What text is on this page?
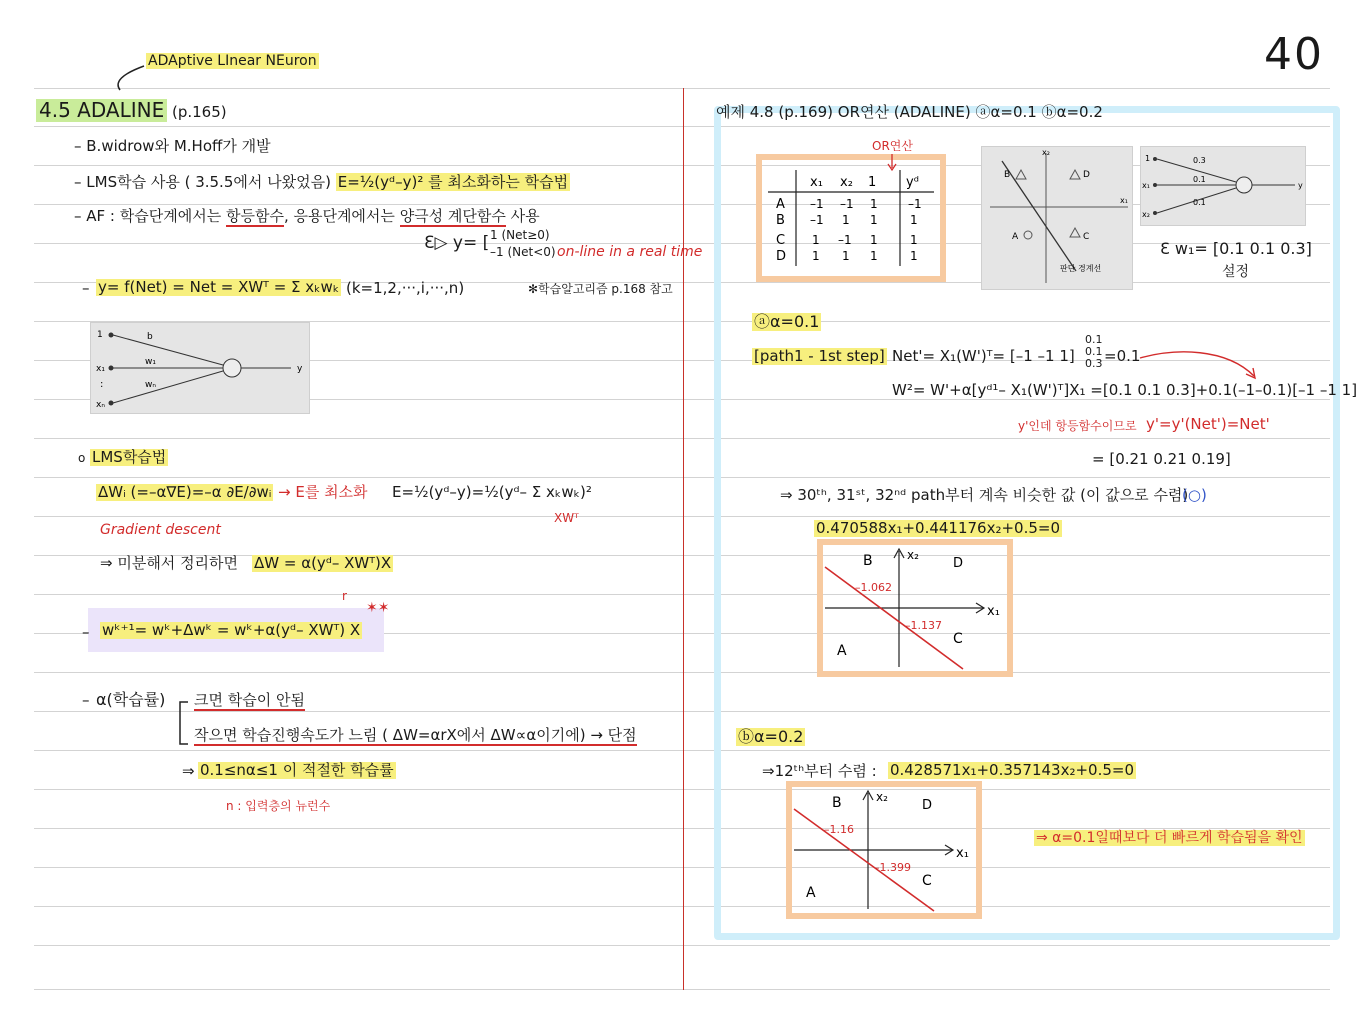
40
ADAptive LInear NEuron
4.5 ADALINE (p.165)
– B.widrow와 M.Hoff가 개발
– LMS학습 사용 ( 3.5.5에서 나왔었음) E=½(yᵈ–y)² 를 최소화하는 학습법
– AF : 학습단계에서는 항등함수, 응용단계에서는 양극성 계단함수 사용
Ɛ▷ y= [ 1 (Net≥0)
–1 (Net<0) on-line in a real time
– y= f(Net) = Net = XWᵀ = Σ xₖwₖ (k=1,2,···,i,···,n)	✻학습알고리즘 p.168 참고
1	b
x₁
w₁
:
xₙ
wₙ
y
o LMS학습법
ΔWᵢ (=–α∇E)=–α ∂E/∂wᵢ → E를 최소화 E=½(yᵈ–y)=½(yᵈ– Σ xₖwₖ)²
XWᵀ
Gradient descent
⇒ 미분해서 정리하면 ΔW = α(yᵈ– XWᵀ)X
r
– wᵏ⁺¹= wᵏ+Δwᵏ = wᵏ+α(yᵈ– XWᵀ) X
✶✶
– α(학습률) 크면 학습이 안됨
작으면 학습진행속도가 느림 ( ΔW=αrX에서 ΔW∝α이기에) → 단점
⇒ 0.1≤nα≤1 이 적절한 학습률
n : 입력층의 뉴런수
예제 4.8 (p.169) OR연산 (ADALINE) ⓐα=0.1 ⓑα=0.2
OR연산
x₁ x₂ 1 yᵈ
A –1 –1 1	–1
B –1 1 1	1
C 1 –1 1	1
D 1 1 1	1
x₂
x₁
B	D
A	C
판단 경계선
1
x₁
x₂
0.3
0.1
0.1
y
Ɛ w₁= [0.1 0.1 0.3]
설정
ⓐα=0.1
[path1 - 1st step] Net'= X₁(W')ᵀ= [–1 –1 1]
0.1
0.1
0.3 =0.1
W²= W'+α[yᵈ¹– X₁(W')ᵀ]X₁ =[0.1 0.1 0.3]+0.1(–1–0.1)[–1 –1 1]
y'인데 항등함수이므로 y'=y'(Net')=Net'
= [0.21 0.21 0.19]
⇒ 30ᵗʰ, 31ˢᵗ, 32ⁿᵈ path부터 계속 비슷한 값 (이 값으로 수렴)
(○)
0.470588x₁+0.441176x₂+0.5=0
B	D
A
C
x₂
x₁
–1.062
–1.137
ⓑα=0.2
⇒12ᵗʰ부터 수렴 : 0.428571x₁+0.357143x₂+0.5=0
B	D
A
C
x₂
x₁
–1.16
–1.399
⇒ α=0.1일때보다 더 빠르게 학습됨을 확인
